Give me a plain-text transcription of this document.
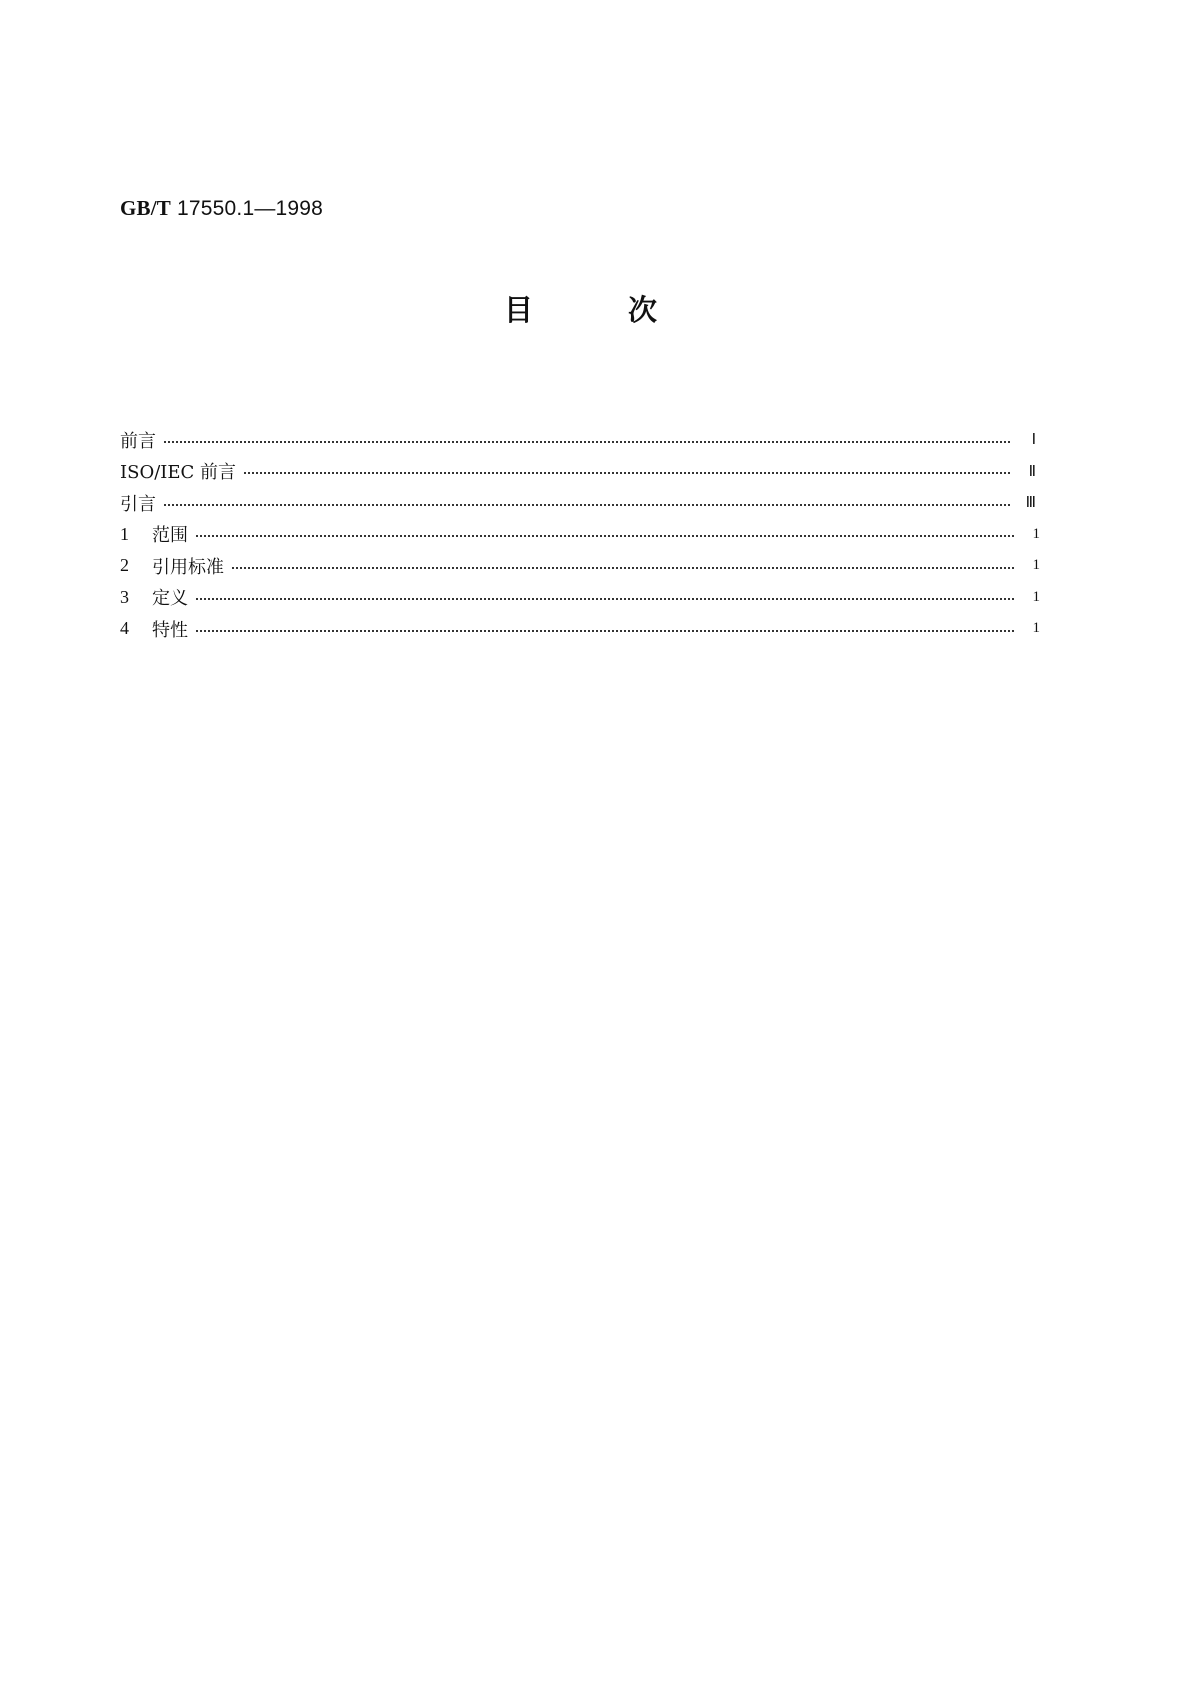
GB/T 17550.1—1998
目	次
前言	Ⅰ
ISO/IEC 前言	Ⅱ
引言	Ⅲ
1	范围	1
2	引用标准	1
3	定义	1
4	特性	1
